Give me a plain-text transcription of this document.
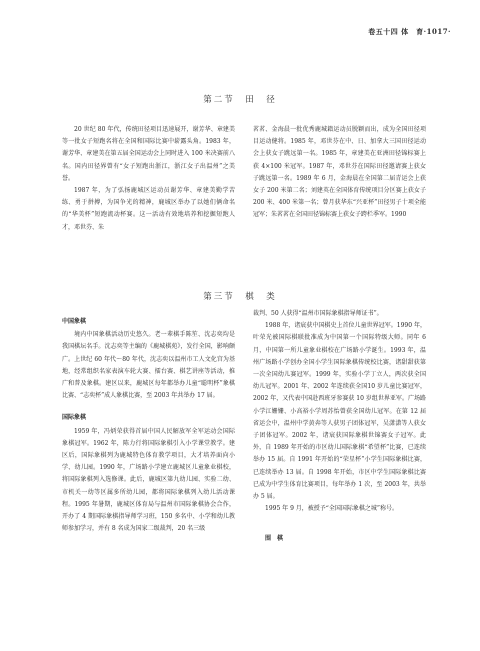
卷五十四 体　育·1017·
第二节　田　径

20 世纪 80 年代，传统田径项目迅速展开，谢芳华、章建美等一批女子短跑名将在全国和国际比赛中崭露头角。1983 年，谢芳华、章建美在第五届全国运动会上同时进入 100 米决赛前八名。国内田径界曾有“女子短跑出浙江，浙江女子出温州”之美誉。

1987 年，为了弘扬鹿城区运动员谢芳华、章建美勤学苦练、勇于拼搏，为国争光的精神，鹿城区举办了以她们俩命名的“华美杯”短跑流动杯赛。这一活动有效地培养和挖掘短跑人才，邓世芬、朱

茗茗、金海晨一批优秀鹿城籍运动员脱颖而出，成为全国田径项目运动健将。1985 年，邓世芬在中、日、加拿大三国田径运动会上获女子跳远第一名。1985 年，章建美在亚洲田径锦标赛上获 4×100 米冠军。1987 年，邓世芬在国际田径邀请赛上获女子跳远第一名。1989 年 6 月，金海晨在全国第二届青运会上获女子 200 米第二名；刘建英在全国体育传统项目分区赛上获女子 200 米、400 米第一名；曾月获华东“兴亚杯”田径男子十项全能冠军；朱茗茗在全国田径锦标赛上获女子跨栏季军。1990

第三节　棋　类
中国象棋

境内中国象棋活动历史悠久。老一辈棋手陈笙、沈志奕均是我国棋坛名手。沈志奕等主编的《鹿城棋苑》，发行全国，影响颇广。上世纪 60 年代～80 年代，沈志奕以温州市工人文化宫为基地，经常组织名家表演车轮大赛、擂台赛、棋艺讲座等活动，推广和普及象棋。建区以来，鹿城区每年都举办儿童“聪明杯”象棋比赛、“志奕杯”成人象棋比赛，至 2003 年共举办 17 届。

国际象棋

1959 年，冯炳荣获得首届中国人民解放军全军运动会国际象棋冠军。1962 年，陈力行将国际象棋引入小学课堂教学。建区后，国际象棋列为鹿城特色体育教学项目，大才培养面向小学、幼儿园。1990 年，广场路小学建立鹿城区儿童象业棋校，将国际象棋列入选修课。此后，鹿城区第九幼儿园、实验二幼、市机关一幼等区属多所幼儿园，都将国际象棋列入幼儿活动课程。1995 年暑期，鹿城区体育局与温州市国际象棋协会合作，开办了 4 期国际象棋指导师学习班，150 多名中、小学和幼儿教师参加学习，并有 8 名成为国家二级裁判，20 名三级

裁判、50 人获得“温州市国际象棋指导师证书”。

1988 年，诸宸获中国棋史上首位儿童世界冠军。1990 年，叶荣光被国际棋联批准成为中国第一个国际特级大师。同年 6 月，中国第一所儿童象业棋校在广场路小学诞生。1993 年，温州广场路小学创办全国小学生国际象棋传统校比赛，诸甜甜获第一次全国幼儿赛冠军。1999 年，实验小学丁立人，两次获全国幼儿冠军。2001 年、2002 年连续获全国10 岁儿童比赛冠军，2002 年，又代表中国赴西班牙参赛获 10 岁组世界亚军。广场路小学江姗姗、小高裕小学周苏怡曾获全国幼儿冠军。在第 12 届省运会中，温州中学黄奔等人获男子团体冠军，吴潇潇等人获女子团体冠军。2002 年，诸宸获国际象棋世锦赛女子冠军。此外，自 1989 年开始的市区幼儿国际象棋“希望杯”比赛，已连续举办 15 届。自 1991 年开始的“荣星杯”小学生国际象棋比赛，已连续举办 13 届。自 1998 年开始，市区中学生国际象棋比赛已成为中学生体育比赛项目，每年举办 1 次，至 2003 年，共举办 5 届。

1995 年 9 月，被授予“全国国际象棋之城”称号。

围　棋
